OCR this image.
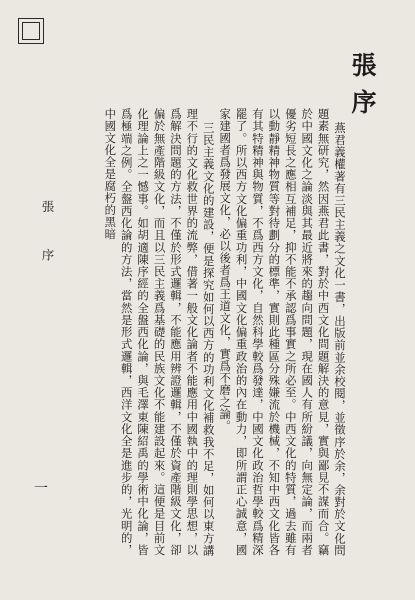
張序

燕君義權著有三民主義之文化一書，出版前並余校閱，並徵序於余，余對於文化問題素無研究，然因燕君此書，對於中西文化問題解決的意見，實與鄙見不謀而合。竊於中國文化之論淡與其最近將來的趨向問題，現在國人有所紛議，向無定論，而兩者優劣短長之應相互補足，抑不能不承認爲事實之所必至。中西文化的特質，過去雖有以動靜精神物質等對待劃分的標準，實則此種區分殊嫌流於機械，不知中西文化皆各有其特精神與物質，不爲西方文化，自然科學較爲發達，中國文化政治哲學較爲精深罷了。所以西方文化偏重功利，中國文化偏重政治的內在動力，即所謂正心誠意，國家建國者爲發展文化，必以後者爲王道文化，實爲不磨之論。

三民主義文化的建設，便是探究如何以西方的功利文化補救我不足，如何以東方講理不行的文化救世界的流弊，借著一般文化論者不能應用中國執中的理則學思想，以爲解決問題的方法，不僅於形式邏輯，不能應用辨證邏輯，不僅於資產階級文化，卻偏於無產階級文化，而且以三民主義爲基礎的民族文化不能建設起來。這便是目前文化理論上之一憾事。如胡適陳序經的全盤西化論，與毛澤東陳紹禹的學術中化論，皆爲極端之例。全盤西化論的方法，當然是形式邏輯，西洋文化全是進步的，光明的，中國文化全是腐朽的黑暗

張序
一
